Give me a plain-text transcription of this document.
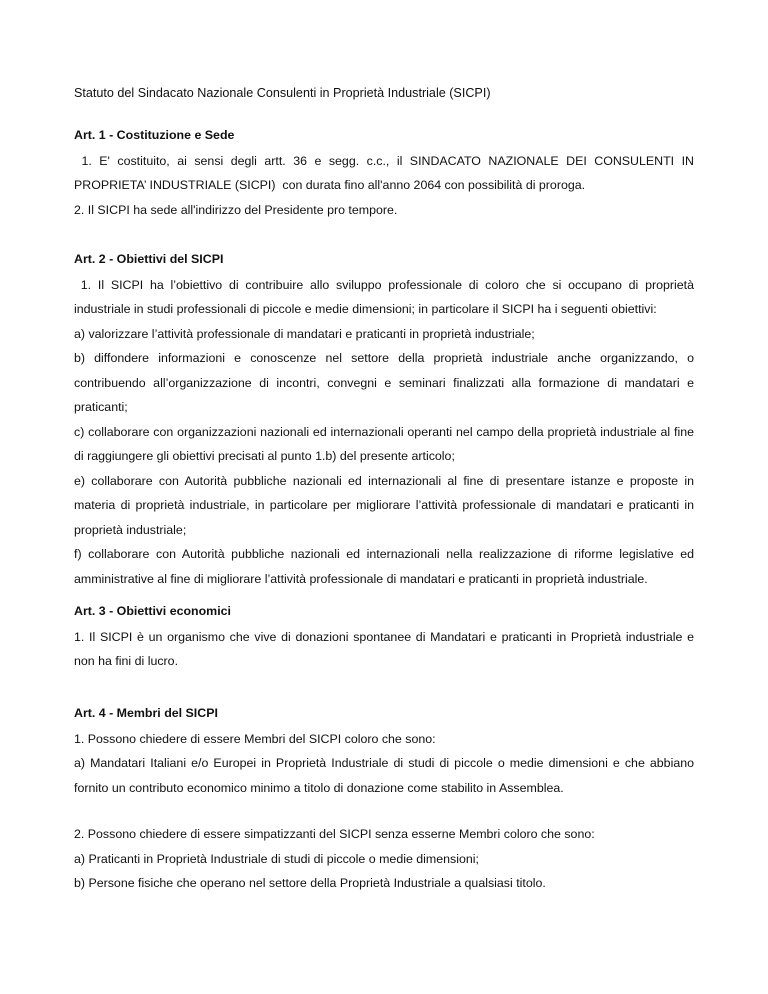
Statuto del Sindacato Nazionale Consulenti in Proprietà Industriale (SICPI)
Art. 1 - Costituzione e Sede

1. E' costituito, ai sensi degli artt. 36 e segg. c.c., il SINDACATO NAZIONALE DEI CONSULENTI IN PROPRIETA’ INDUSTRIALE (SICPI)  con durata fino all'anno 2064 con possibilità di proroga.

2. Il SICPI ha sede all'indirizzo del Presidente pro tempore.

Art. 2 - Obiettivi del SICPI

1. Il SICPI ha l’obiettivo di contribuire allo sviluppo professionale di coloro che si occupano di proprietà industriale in studi professionali di piccole e medie dimensioni; in particolare il SICPI ha i seguenti obiettivi:

a) valorizzare l’attività professionale di mandatari e praticanti in proprietà industriale;

b) diffondere informazioni e conoscenze nel settore della proprietà industriale anche organizzando, o contribuendo all’organizzazione di incontri, convegni e seminari finalizzati alla formazione di mandatari e praticanti;

c) collaborare con organizzazioni nazionali ed internazionali operanti nel campo della proprietà industriale al fine di raggiungere gli obiettivi precisati al punto 1.b) del presente articolo;

e) collaborare con Autorità pubbliche nazionali ed internazionali al fine di presentare istanze e proposte in materia di proprietà industriale, in particolare per migliorare l’attività professionale di mandatari e praticanti in proprietà industriale;

f) collaborare con Autorità pubbliche nazionali ed internazionali nella realizzazione di riforme legislative ed amministrative al fine di migliorare l’attività professionale di mandatari e praticanti in proprietà industriale.

Art. 3 - Obiettivi economici

1. Il SICPI è un organismo che vive di donazioni spontanee di Mandatari e praticanti in Proprietà industriale e non ha fini di lucro.

Art. 4 - Membri del SICPI

1. Possono chiedere di essere Membri del SICPI coloro che sono:

a) Mandatari Italiani e/o Europei in Proprietà Industriale di studi di piccole o medie dimensioni e che abbiano fornito un contributo economico minimo a titolo di donazione come stabilito in Assemblea.

2. Possono chiedere di essere simpatizzanti del SICPI senza esserne Membri coloro che sono:

a) Praticanti in Proprietà Industriale di studi di piccole o medie dimensioni;

b) Persone fisiche che operano nel settore della Proprietà Industriale a qualsiasi titolo.
